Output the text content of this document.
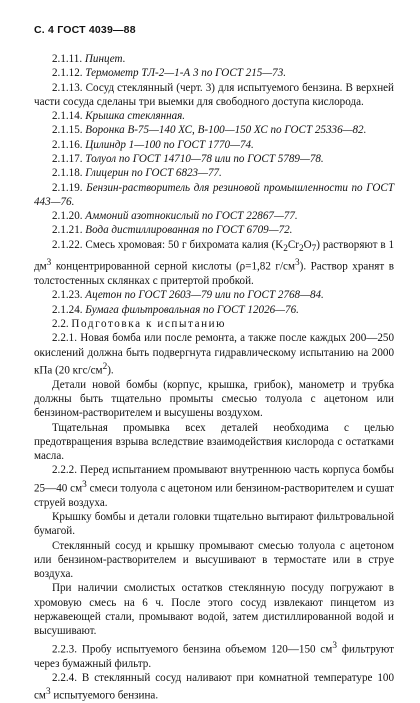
С. 4 ГОСТ 4039—88

2.1.11. Пинцет.

2.1.12. Термометр ТЛ-2—1-А 3 по ГОСТ 215—73.

2.1.13. Сосуд стеклянный (черт. 3) для испытуемого бензина. В верхней части сосуда сделаны три выемки для свободного доступа кислорода.

2.1.14. Крышка стеклянная.

2.1.15. Воронка В-75—140 ХС, В-100—150 ХС по ГОСТ 25336—82.

2.1.16. Цилиндр 1—100 по ГОСТ 1770—74.

2.1.17. Толуол по ГОСТ 14710—78 или по ГОСТ 5789—78.

2.1.18. Глицерин по ГОСТ 6823—77.

2.1.19. Бензин-растворитель для резиновой промышленности по ГОСТ 443—76.

2.1.20. Аммоний азотнокислый по ГОСТ 22867—77.

2.1.21. Вода дистиллированная по ГОСТ 6709—72.

2.1.22. Смесь хромовая: 50 г бихромата калия $(K_2Cr_2O_7)$ растворяют в 1 $дм^3$ концентрированной серной кислоты (ρ=1,82 $г/см^3$). Раствор хранят в толстостенных склянках с притертой пробкой.

2.1.23. Ацетон по ГОСТ 2603—79 или по ГОСТ 2768—84.

2.1.24. Бумага фильтровальная по ГОСТ 12026—76.

2.2. Подготовка к испытанию

2.2.1. Новая бомба или после ремонта, а также после каждых 200—250 окислений должна быть подвергнута гидравлическому испытанию на 2000 кПа (20 кгс/$см^2$).

Детали новой бомбы (корпус, крышка, грибок), манометр и трубка должны быть тщательно промыты смесью толуола с ацетоном или бензином-растворителем и высушены воздухом.

Тщательная промывка всех деталей необходима с целью предотвращения взрыва вследствие взаимодействия кислорода с остатками масла.

2.2.2. Перед испытанием промывают внутреннюю часть корпуса бомбы 25—40 $см^3$ смеси толуола с ацетоном или бензином-растворителем и сушат струей воздуха.

Крышку бомбы и детали головки тщательно вытирают фильтровальной бумагой.

Стеклянный сосуд и крышку промывают смесью толуола с ацетоном или бензином-растворителем и высушивают в термостате или в струе воздуха.

При наличии смолистых остатков стеклянную посуду погружают в хромовую смесь на 6 ч. После этого сосуд извлекают пинцетом из нержавеющей стали, промывают водой, затем дистиллированной водой и высушивают.

2.2.3. Пробу испытуемого бензина объемом 120—150 $см^3$ фильтруют через бумажный фильтр.

2.2.4. В стеклянный сосуд наливают при комнатной температуре 100 $см^3$ испытуемого бензина.
